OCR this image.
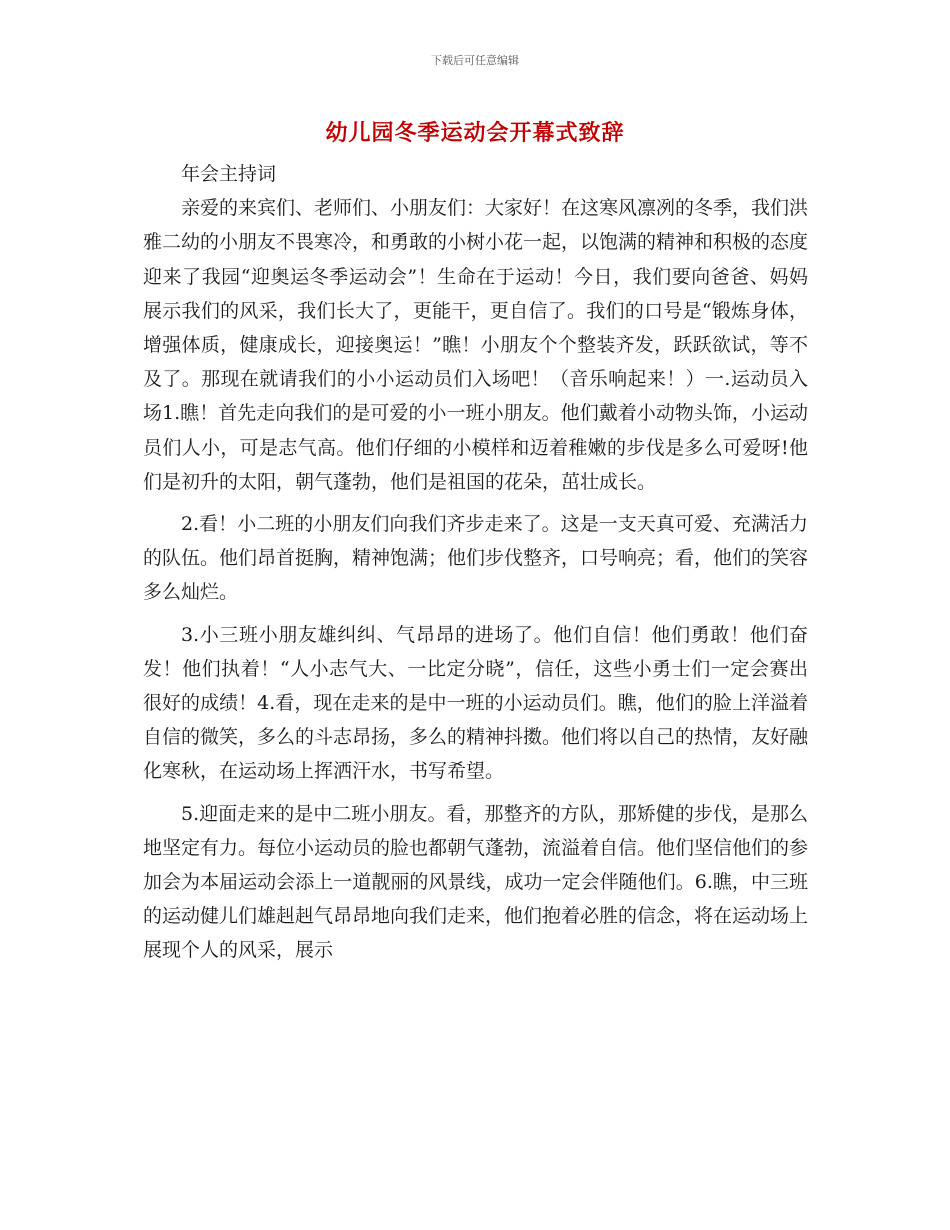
下载后可任意编辑
幼儿园冬季运动会开幕式致辞

年会主持词

亲爱的来宾们、老师们、小朋友们：大家好！在这寒风凛冽的冬季，我们洪雅二幼的小朋友不畏寒冷，和勇敢的小树小花一起，以饱满的精神和积极的态度迎来了我园“迎奥运冬季运动会”！生命在于运动！今日，我们要向爸爸、妈妈展示我们的风采，我们长大了，更能干，更自信了。我们的口号是“锻炼身体，增强体质，健康成长，迎接奥运！”瞧！小朋友个个整装齐发，跃跃欲试，等不及了。那现在就请我们的小小运动员们入场吧！（音乐响起来！）一.运动员入场1.瞧！首先走向我们的是可爱的小一班小朋友。他们戴着小动物头饰，小运动员们人小，可是志气高。他们仔细的小模样和迈着稚嫩的步伐是多么可爱呀!他们是初升的太阳，朝气蓬勃，他们是祖国的花朵，茁壮成长。

2.看！小二班的小朋友们向我们齐步走来了。这是一支天真可爱、充满活力的队伍。他们昂首挺胸，精神饱满；他们步伐整齐，口号响亮；看，他们的笑容多么灿烂。

3.小三班小朋友雄纠纠、气昂昂的进场了。他们自信！他们勇敢！他们奋发！他们执着！“人小志气大、一比定分晓”，信任，这些小勇士们一定会赛出很好的成绩！4.看，现在走来的是中一班的小运动员们。瞧，他们的脸上洋溢着自信的微笑，多么的斗志昂扬，多么的精神抖擞。他们将以自己的热情，友好融化寒秋，在运动场上挥洒汗水，书写希望。

5.迎面走来的是中二班小朋友。看，那整齐的方队，那矫健的步伐，是那么地坚定有力。每位小运动员的脸也都朝气蓬勃，流溢着自信。他们坚信他们的参加会为本届运动会添上一道靓丽的风景线，成功一定会伴随他们。6.瞧，中三班的运动健儿们雄赳赳气昂昂地向我们走来，他们抱着必胜的信念，将在运动场上展现个人的风采，展示
